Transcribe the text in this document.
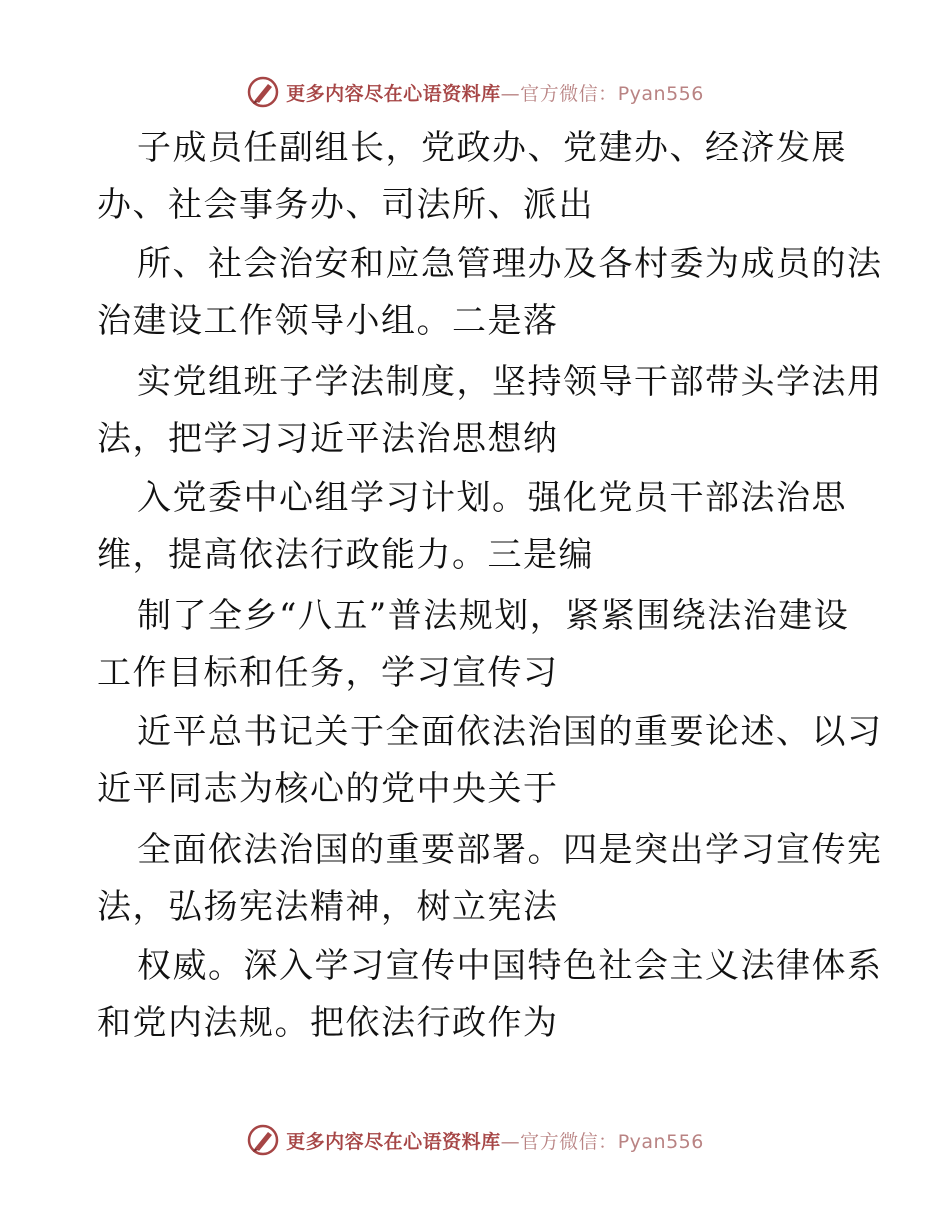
更多内容尽在心语资料库—官方微信：Pyan556
子成员任副组长，党政办、党建办、经济发展
办、社会事务办、司法所、派出
所、社会治安和应急管理办及各村委为成员的法
治建设工作领导小组。二是落
实党组班子学法制度，坚持领导干部带头学法用
法，把学习习近平法治思想纳
入党委中心组学习计划。强化党员干部法治思
维，提高依法行政能力。三是编
制了全乡“八五”普法规划，紧紧围绕法治建设
工作目标和任务，学习宣传习
近平总书记关于全面依法治国的重要论述、以习
近平同志为核心的党中央关于
全面依法治国的重要部署。四是突出学习宣传宪
法，弘扬宪法精神，树立宪法
权威。深入学习宣传中国特色社会主义法律体系
和党内法规。把依法行政作为
更多内容尽在心语资料库—官方微信：Pyan556
